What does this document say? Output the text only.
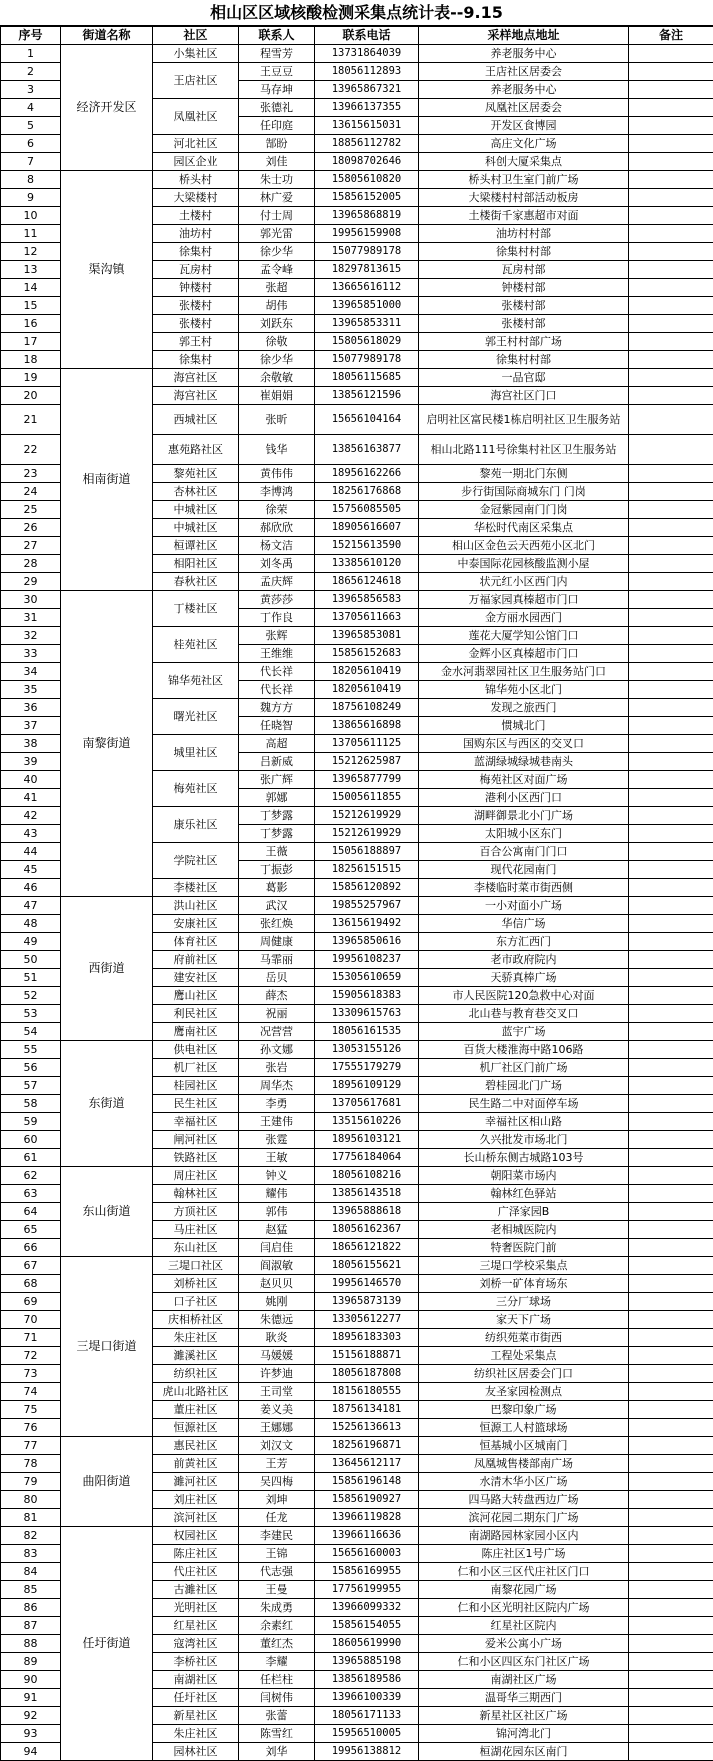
相山区区域核酸检测采集点统计表--9.15
序号	街道名称	社区	联系人	联系电话	采样地点地址	备注
1	经济开发区	小集社区	程雪芳	13731864039	养老服务中心	
2		王店社区	王豆豆	18056112893	王店社区居委会	
3			马存坤	13965867321	养老服务中心	
4		凤凰社区	张德礼	13966137355	凤凰社区居委会	
5			任印庭	13615615031	开发区食博园	
6		河北社区	郜盼	18856112782	高庄文化广场	
7		园区企业	刘佳	18098702646	科创大厦采集点	
8	渠沟镇	桥头村	朱士功	15805610820	桥头村卫生室门前广场	
9		大梁楼村	林广爱	15856152005	大梁楼村村部活动板房	
10		土楼村	付士周	13965868819	土楼街千家惠超市对面	
11		油坊村	郭光雷	19956159908	油坊村村部	
12		徐集村	徐少华	15077989178	徐集村村部	
13		瓦房村	孟令峰	18297813615	瓦房村部	
14		钟楼村	张超	13665616112	钟楼村部	
15		张楼村	胡伟	13965851000	张楼村部	
16		张楼村	刘跃东	13965853311	张楼村部	
17		郭王村	徐敬	15805618029	郭王村村部广场	
18		徐集村	徐少华	15077989178	徐集村村部	
19	相南街道	海宫社区	余敬敏	18056115685	一品官邸	
20		海宫社区	崔娟娟	13856121596	海宫社区门口	
21		西城社区	张昕	15656104164	启明社区富民楼1栋启明社区卫生服务站	
22		惠苑路社区	钱华	13856163877	相山北路111号徐集村社区卫生服务站	
23		黎苑社区	黄伟伟	18956162266	黎苑一期北门东侧	
24		杏林社区	李博鸿	18256176868	步行街国际商城东门 门岗	
25		中城社区	徐荣	15756085505	金冠紫园南门门岗	
26		中城社区	郝欣欣	18905616607	华松时代南区采集点	
27		桓谭社区	杨文洁	15215613590	相山区金色云天西苑小区北门	
28		相阳社区	刘冬禹	13385610120	中泰国际花园核酸监测小屋	
29		春秋社区	孟庆辉	18656124618	状元红小区西门内	
30	南黎街道	丁楼社区	黄莎莎	13965856583	万福家园真榛超市门口	
31			丁作良	13705611663	金方丽水园西门	
32		桂苑社区	张辉	13965853081	莲花大厦学知公馆门口	
33			王维维	15856152683	金辉小区真榛超市门口	
34		锦华苑社区	代长祥	18205610419	金水河翡翠园社区卫生服务站门口	
35			代长祥	18205610419	锦华苑小区北门	
36		曙光社区	魏方方	18756108249	发现之旅西门	
37			任晓智	13865616898	惯城北门	
38		城里社区	高超	13705611125	国购东区与西区的交叉口	
39			吕新威	15212625987	蓝湖绿城绿城巷南头	
40		梅苑社区	张广辉	13965877799	梅苑社区对面广场	
41			郭娜	15005611855	港利小区西门口	
42		康乐社区	丁梦露	15212619929	湖畔御景北小门广场	
43			丁梦露	15212619929	太阳城小区东门	
44		学院社区	王薇	15056188897	百合公寓南门门口	
45			丁振彭	18256151515	现代花园南门	
46		李楼社区	葛影	15856120892	李楼临时菜市街西侧	
47	西街道	洪山社区	武汉	19855257967	一小对面小广场	
48		安康社区	张红焕	13615619492	华信广场	
49		体育社区	周健康	13965850616	东方汇西门	
50		府前社区	马霏丽	19956108237	老市政府院内	
51		建安社区	岳贝	15305610659	天骄真棒广场	
52		鹰山社区	薛杰	15905618383	市人民医院120急救中心对面	
53		利民社区	祝丽	13309615763	北山巷与教育巷交叉口	
54		鹰南社区	况营营	18056161535	蓝宇广场	
55	东街道	供电社区	孙文娜	13053155126	百货大楼淮海中路106路	
56		机厂社区	张岩	17555179279	机厂社区门前广场	
57		桂园社区	周华杰	18956109129	碧桂园北门广场	
58		民生社区	李勇	13705617681	民生路二中对面停车场	
59		幸福社区	王建伟	13515610226	幸福社区相山路	
60		闸河社区	张霆	18956103121	久兴批发市场北门	
61		铁路社区	王敏	17756184064	长山桥东侧古城路103号	
62	东山街道	周庄社区	钟义	18056108216	朝阳菜市场内	
63		翰林社区	耀伟	13856143518	翰林红色驿站	
64		方顶社区	郭伟	13965888618	广泽家园B	
65		马庄社区	赵猛	18056162367	老相城医院内	
66		东山社区	闫启佳	18656121822	特奢医院门前	
67	三堤口街道	三堤口社区	阎淑敏	18056155621	三堤口学校采集点	
68		刘桥社区	赵贝贝	19956146570	刘桥一矿体育场东	
69		口子社区	姚刚	13965873139	三分厂球场	
70		庆相桥社区	朱德远	13305612277	家天下广场	
71		朱庄社区	耿炎	18956183303	纺织苑菜市街西	
72		濉溪社区	马媛媛	15156188871	工程处采集点	
73		纺织社区	许梦迪	18056187808	纺织社区居委会门口	
74		虎山北路社区	王司堂	18156180555	友圣家园检测点	
75		董庄社区	姜义美	18756134181	巴黎印象广场	
76		恒源社区	王娜娜	15256136613	恒源工人村篮球场	
77	曲阳街道	惠民社区	刘汉文	18256196871	恒基城小区城南门	
78		前黄社区	王芳	13645612117	凤凰城售楼部南广场	
79		濉河社区	吴四梅	15856196148	水清木华小区广场	
80		刘庄社区	刘坤	15856190927	四马路大转盘西边广场	
81		滨河社区	任龙	13966119828	滨河花园二期东门广场	
82	任圩街道	权园社区	李建民	13966116636	南湖路园林家园小区内	
83		陈庄社区	王锦	15656160003	陈庄社区1号广场	
84		代庄社区	代志强	15856169955	仁和小区三区代庄社区门口	
85		古濉社区	王曼	17756199955	南黎花园广场	
86		光明社区	朱成勇	13966099332	仁和小区光明社区院内广场	
87		红星社区	余素红	15856154055	红星社区院内	
88		寇湾社区	董红杰	18605619990	爱米公寓小广场	
89		李桥社区	李耀	13965885198	仁和小区四区东门社区广场	
90		南湖社区	任栏柱	13856189586	南湖社区广场	
91		任圩社区	闫树伟	13966100339	温哥华三期西门	
92		新星社区	张蕾	18056171133	新星社区社区广场	
93		朱庄社区	陈雪红	15956510005	锦河湾北门	
94		园林社区	刘华	19956138812	桓湖花园东区南门	
